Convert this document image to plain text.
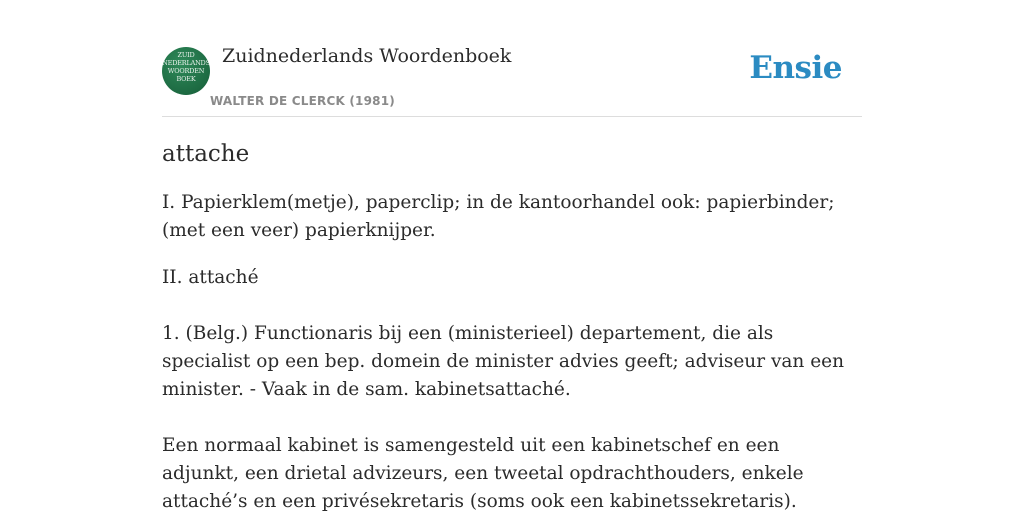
ZUID
NEDERLANDS
WOORDEN
BOEK
Zuidnederlands Woordenboek
WALTER DE CLERCK (1981)
Ensie
attache

I. Papierklem(metje), paperclip; in de kantoorhandel ook: papierbinder; (met een veer) papierknijper.

II. attaché

1. (Belg.) Functionaris bij een (ministerieel) departement, die als specialist op een bep. domein de minister advies geeft; adviseur van een minister. - Vaak in de sam. kabinetsattaché.

Een normaal kabinet is samengesteld uit een kabinetschef en een adjunkt, een drietal advizeurs, een tweetal opdrachthouders, enkele attaché’s en een privésekretaris (soms ook een kabinetssekretaris).
